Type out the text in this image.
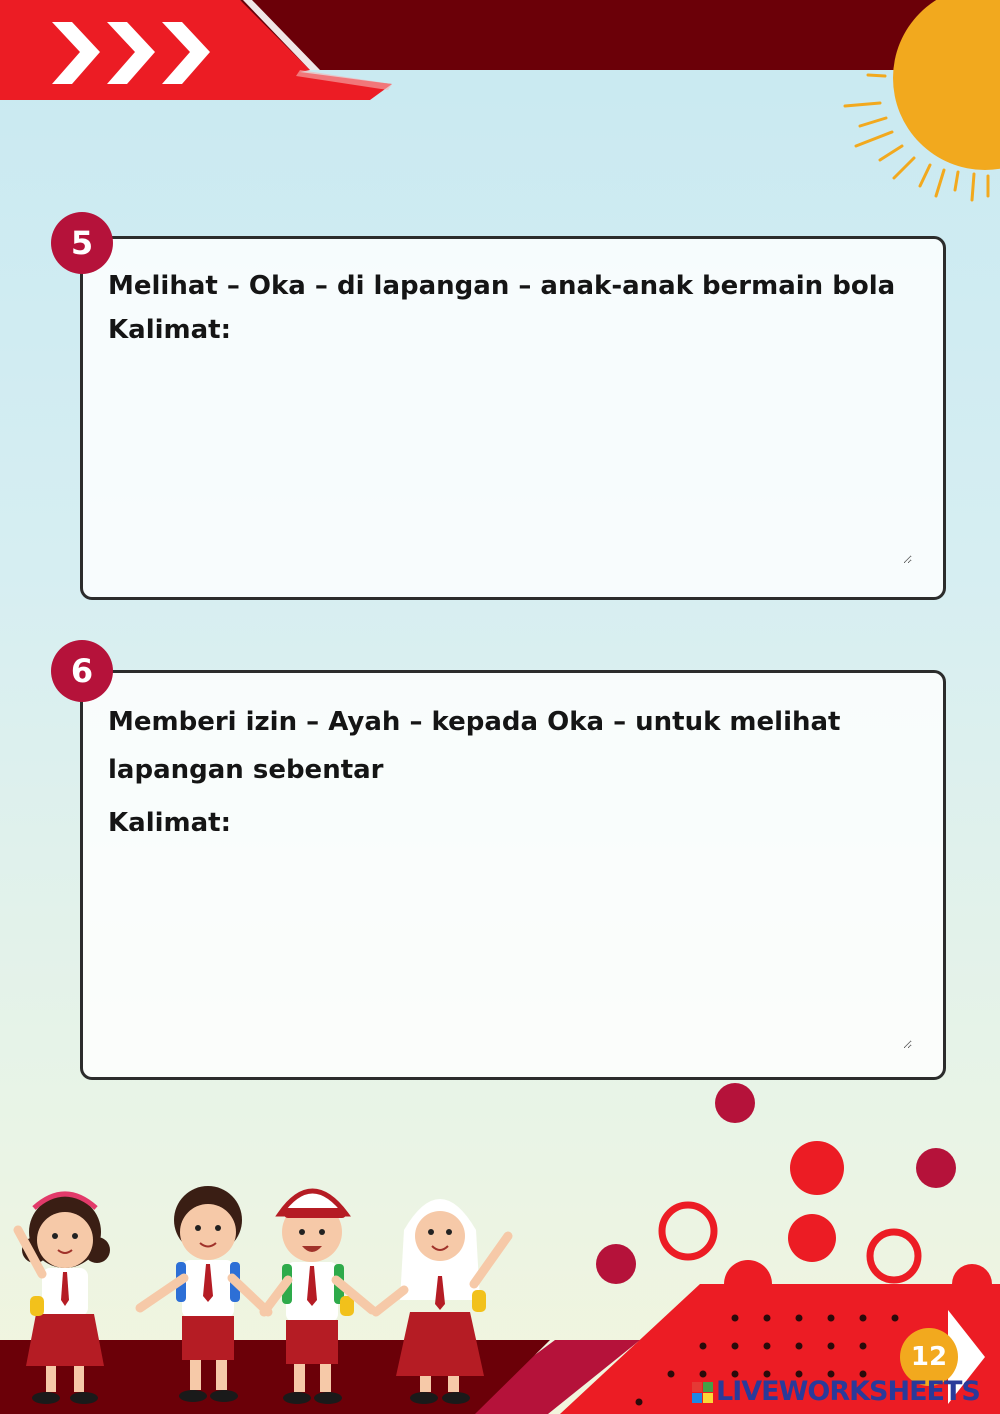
5
Melihat – Oka – di lapangan – anak-anak bermain bola
Kalimat:
6
Memberi izin – Ayah – kepada Oka – untuk melihat lapangan sebentar
Kalimat:
12
LIVEWORKSHEETS
